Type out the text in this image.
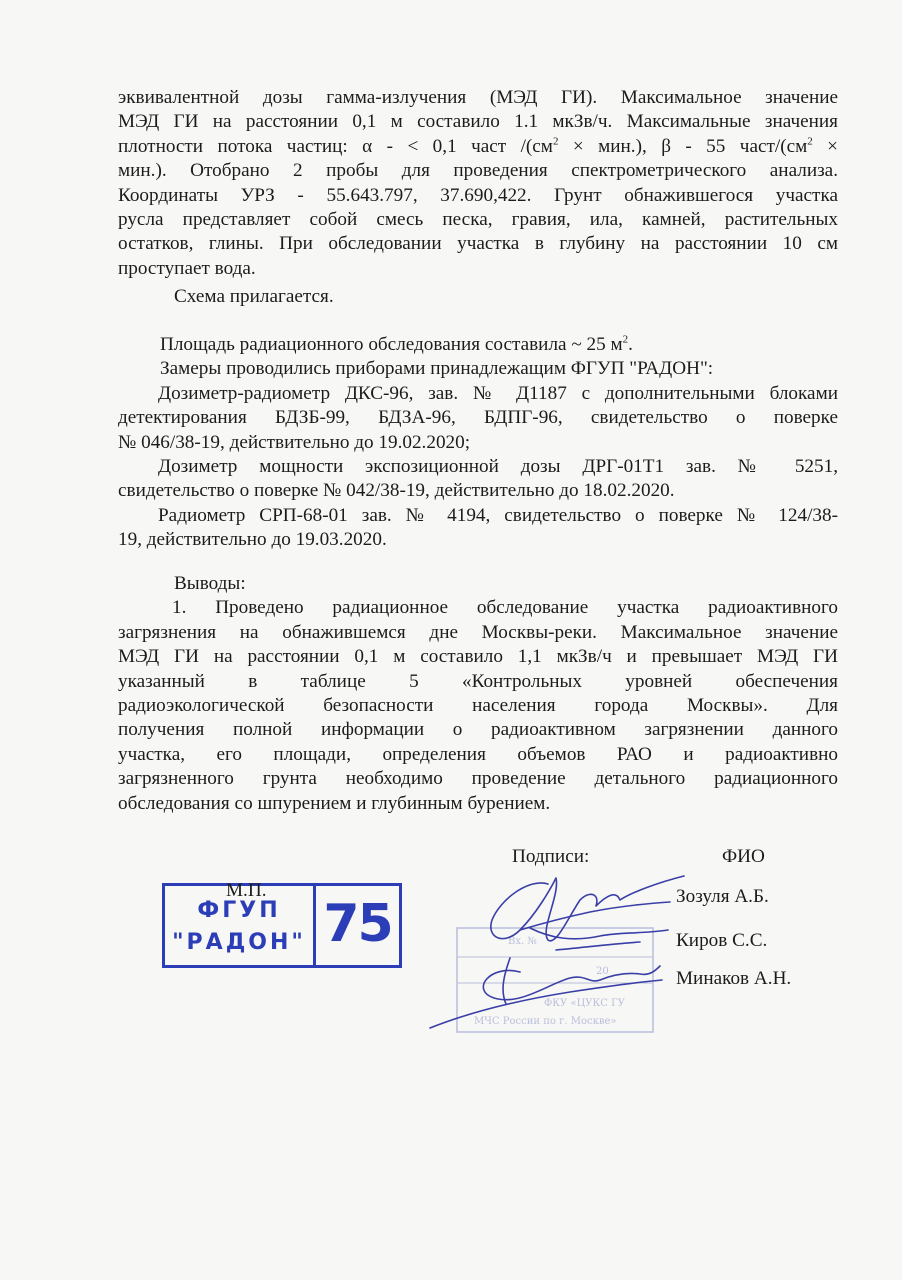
эквивалентной дозы гамма-излучения (МЭД ГИ). Максимальное значение

МЭД ГИ на расстоянии 0,1 м составило 1.1 мкЗв/ч. Максимальные значения

плотности потока частиц: α - < 0,1 част $/(см^2 \times мин.)$, β - 55 част/($см^2$ ×

мин.). Отобрано 2 пробы для проведения спектрометрического анализа.

Координаты УРЗ - 55.643.797, 37.690,422. Грунт обнажившегося участка

русла представляет собой смесь песка, гравия, ила, камней, растительных

остатков, глины. При обследовании участка в глубину на расстоянии 10 см

проступает вода.

Схема прилагается.

Площадь радиационного обследования составила ~ 25 $м^2$.

Замеры проводились приборами принадлежащим ФГУП "РАДОН":

Дозиметр-радиометр ДКС-96, зав. № Д1187 с дополнительными блоками

детектирования БДЗБ-99, БДЗА-96, БДПГ-96, свидетельство о поверке

№ 046/38-19, действительно до 19.02.2020;

Дозиметр мощности экспозиционной дозы ДРГ-01Т1 зав. № 5251,

свидетельство о поверке № 042/38-19, действительно до 18.02.2020.

Радиометр СРП-68-01 зав. № 4194, свидетельство о поверке № 124/38-

19, действительно до 19.03.2020.

Выводы:

1. Проведено радиационное обследование участка радиоактивного

загрязнения на обнажившемся дне Москвы-реки. Максимальное значение

МЭД ГИ на расстоянии 0,1 м составило 1,1 мкЗв/ч и превышает МЭД ГИ

указанный в таблице 5 «Контрольных уровней обеспечения

радиоэкологической безопасности населения города Москвы». Для

получения полной информации о радиоактивном загрязнении данного

участка, его площади, определения объемов РАО и радиоактивно

загрязненного грунта необходимо проведение детального радиационного

обследования со шпурением и глубинным бурением.

Подписи:	ФИО
Зозуля А.Б.
Киров С.С.
Минаков А.Н.
Вх. №
20
ФКУ «ЦУКС ГУ
МЧС России по г. Москве»
ФГУП
"РАДОН" 75
М.П.
